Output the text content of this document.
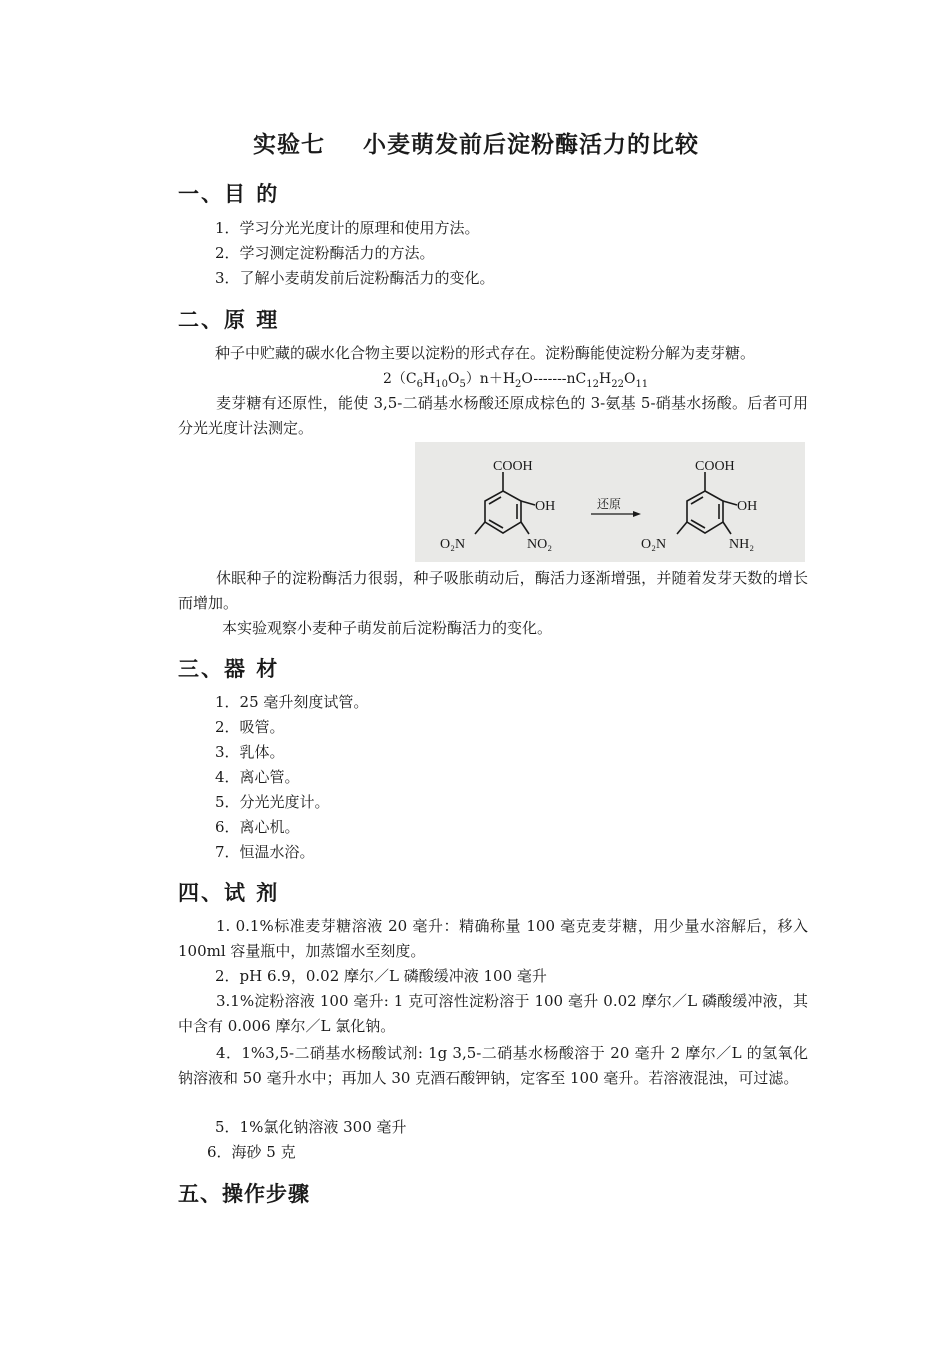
实验七 小麦萌发前后淀粉酶活力的比较
一、目 的
1．学习分光光度计的原理和使用方法。
2．学习测定淀粉酶活力的方法。
3．了解小麦萌发前后淀粉酶活力的变化。
二、原 理
种子中贮藏的碳水化合物主要以淀粉的形式存在。淀粉酶能使淀粉分解为麦芽糖。
$2(C_6H_{10}O_5)n+H_2O-------nC_{12}H_{22}O_{11}$
麦芽糖有还原性，能使 3,5-二硝基水杨酸还原成棕色的 3-氨基 5-硝基水扬酸。后者可用分光光度计法测定。
COOH
OH
O₂N	NO₂
还原
COOH
OH
O₂N	NH₂
休眠种子的淀粉酶活力很弱，种子吸胀萌动后，酶活力逐渐增强，并随着发芽天数的增长而增加。
本实验观察小麦种子萌发前后淀粉酶活力的变化。
三、器 材
1．25 毫升刻度试管。
2．吸管。
3．乳体。
4．离心管。
5．分光光度计。
6．离心机。
7．恒温水浴。
四、试 剂
1. 0.1%标准麦芽糖溶液 20 毫升：精确称量 100 毫克麦芽糖，用少量水溶解后，移入 100ml 容量瓶中，加蒸馏水至刻度。
2．pH 6.9，0.02 摩尔／L 磷酸缓冲液 100 毫升
3.1%淀粉溶液 100 毫升: 1 克可溶性淀粉溶于 100 毫升 0.02 摩尔／L 磷酸缓冲液，其中含有 0.006 摩尔／L 氯化钠。
4．1%3,5-二硝基水杨酸试剂: 1g 3,5-二硝基水杨酸溶于 20 毫升 2 摩尔／L 的氢氧化钠溶液和 50 毫升水中；再加人 30 克酒石酸钾钠，定客至 100 毫升。若溶液混浊，可过滤。
5．1%氯化钠溶液 300 毫升
6．海砂 5 克
五、操作步骤
